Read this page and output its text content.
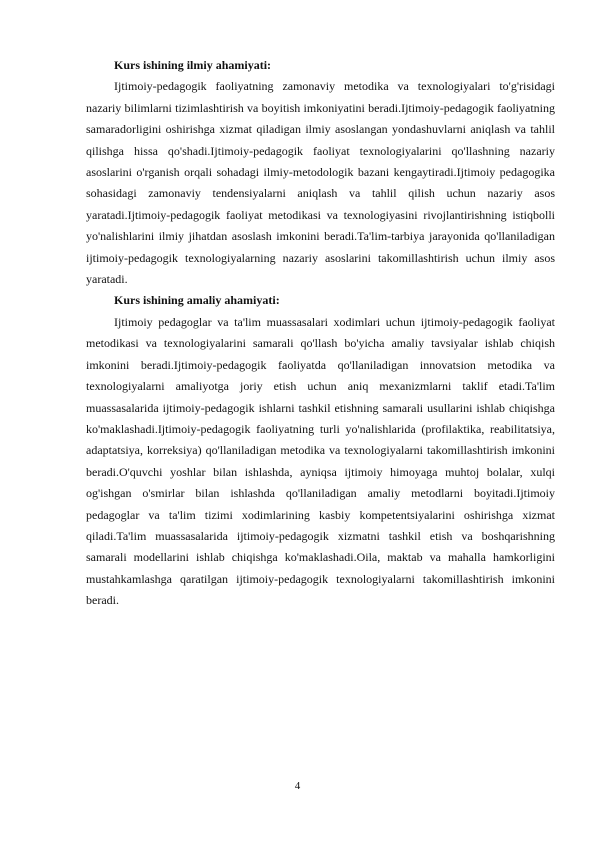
Kurs ishining ilmiy ahamiyati:

Ijtimoiy-pedagogik faoliyatning zamonaviy metodika va texnologiyalari to'g'risidagi nazariy bilimlarni tizimlashtirish va boyitish imkoniyatini beradi.Ijtimoiy-pedagogik faoliyatning samaradorligini oshirishga xizmat qiladigan ilmiy asoslangan yondashuvlarni aniqlash va tahlil qilishga hissa qo'shadi.Ijtimoiy-pedagogik faoliyat texnologiyalarini qo'llashning nazariy asoslarini o'rganish orqali sohadagi ilmiy-metodologik bazani kengaytiradi.Ijtimoiy pedagogika sohasidagi zamonaviy tendensiyalarni aniqlash va tahlil qilish uchun nazariy asos yaratadi.Ijtimoiy-pedagogik faoliyat metodikasi va texnologiyasini rivojlantirishning istiqbolli yo'nalishlarini ilmiy jihatdan asoslash imkonini beradi.Ta'lim-tarbiya jarayonida qo'llaniladigan ijtimoiy-pedagogik texnologiyalarning nazariy asoslarini takomillashtirish uchun ilmiy asos yaratadi.

Kurs ishining amaliy ahamiyati:

Ijtimoiy pedagoglar va ta'lim muassasalari xodimlari uchun ijtimoiy-pedagogik faoliyat metodikasi va texnologiyalarini samarali qo'llash bo'yicha amaliy tavsiyalar ishlab chiqish imkonini beradi.Ijtimoiy-pedagogik faoliyatda qo'llaniladigan innovatsion metodika va texnologiyalarni amaliyotga joriy etish uchun aniq mexanizmlarni taklif etadi.Ta'lim muassasalarida ijtimoiy-pedagogik ishlarni tashkil etishning samarali usullarini ishlab chiqishga ko'maklashadi.Ijtimoiy-pedagogik faoliyatning turli yo'nalishlarida (profilaktika, reabilitatsiya, adaptatsiya, korreksiya) qo'llaniladigan metodika va texnologiyalarni takomillashtirish imkonini beradi.O'quvchi yoshlar bilan ishlashda, ayniqsa ijtimoiy himoyaga muhtoj bolalar, xulqi og'ishgan o'smirlar bilan ishlashda qo'llaniladigan amaliy metodlarni boyitadi.Ijtimoiy pedagoglar va ta'lim tizimi xodimlarining kasbiy kompetentsiyalarini oshirishga xizmat qiladi.Ta'lim muassasalarida ijtimoiy-pedagogik xizmatni tashkil etish va boshqarishning samarali modellarini ishlab chiqishga ko'maklashadi.Oila, maktab va mahalla hamkorligini mustahkamlashga qaratilgan ijtimoiy-pedagogik texnologiyalarni takomillashtirish imkonini beradi.

4
